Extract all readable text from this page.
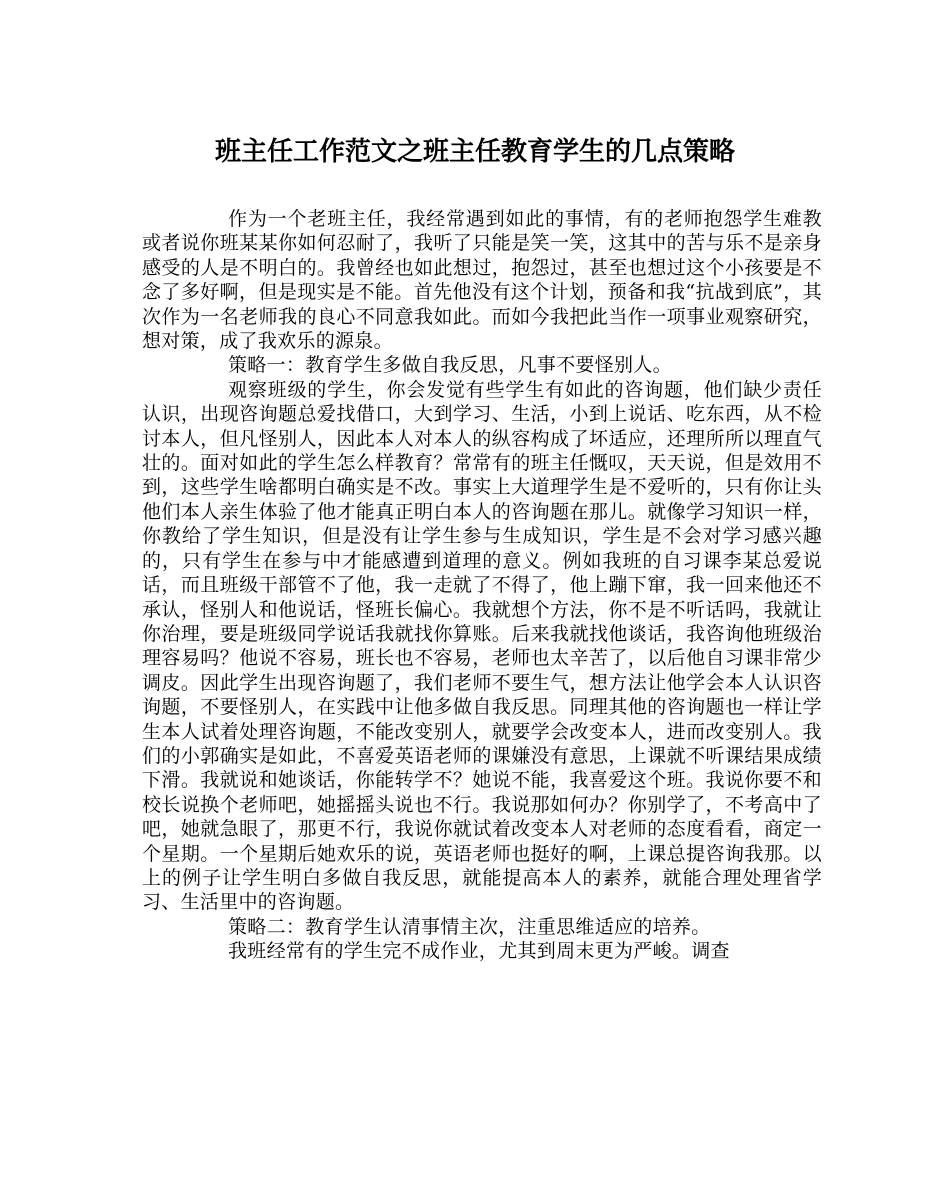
班主任工作范文之班主任教育学生的几点策略

作为一个老班主任，我经常遇到如此的事情，有的老师抱怨学生难教或者说你班某某你如何忍耐了，我听了只能是笑一笑，这其中的苦与乐不是亲身感受的人是不明白的。我曾经也如此想过，抱怨过，甚至也想过这个小孩要是不念了多好啊，但是现实是不能。首先他没有这个计划，预备和我“抗战到底”，其次作为一名老师我的良心不同意我如此。而如今我把此当作一项事业观察研究，想对策，成了我欢乐的源泉。

策略一：教育学生多做自我反思，凡事不要怪别人。

观察班级的学生，你会发觉有些学生有如此的咨询题，他们缺少责任认识，出现咨询题总爱找借口，大到学习、生活，小到上说话、吃东西，从不检讨本人，但凡怪别人，因此本人对本人的纵容构成了坏适应，还理所所以理直气壮的。面对如此的学生怎么样教育？常常有的班主任慨叹，天天说，但是效用不到，这些学生啥都明白确实是不改。事实上大道理学生是不爱听的，只有你让头他们本人亲生体验了他才能真正明白本人的咨询题在那儿。就像学习知识一样，你教给了学生知识，但是没有让学生参与生成知识，学生是不会对学习感兴趣的，只有学生在参与中才能感遭到道理的意义。例如我班的自习课李某总爱说话，而且班级干部管不了他，我一走就了不得了，他上蹦下窜，我一回来他还不承认，怪别人和他说话，怪班长偏心。我就想个方法，你不是不听话吗，我就让你治理，要是班级同学说话我就找你算账。后来我就找他谈话，我咨询他班级治理容易吗？他说不容易，班长也不容易，老师也太辛苦了，以后他自习课非常少调皮。因此学生出现咨询题了，我们老师不要生气，想方法让他学会本人认识咨询题，不要怪别人，在实践中让他多做自我反思。同理其他的咨询题也一样让学生本人试着处理咨询题，不能改变别人，就要学会改变本人，进而改变别人。我们的小郭确实是如此，不喜爱英语老师的课嫌没有意思，上课就不听课结果成绩下滑。我就说和她谈话，你能转学不？她说不能，我喜爱这个班。我说你要不和校长说换个老师吧，她摇摇头说也不行。我说那如何办？你别学了，不考高中了吧，她就急眼了，那更不行，我说你就试着改变本人对老师的态度看看，商定一个星期。一个星期后她欢乐的说，英语老师也挺好的啊，上课总提咨询我那。以上的例子让学生明白多做自我反思，就能提高本人的素养，就能合理处理省学习、生活里中的咨询题。

策略二：教育学生认清事情主次，注重思维适应的培养。

我班经常有的学生完不成作业，尤其到周末更为严峻。调查
